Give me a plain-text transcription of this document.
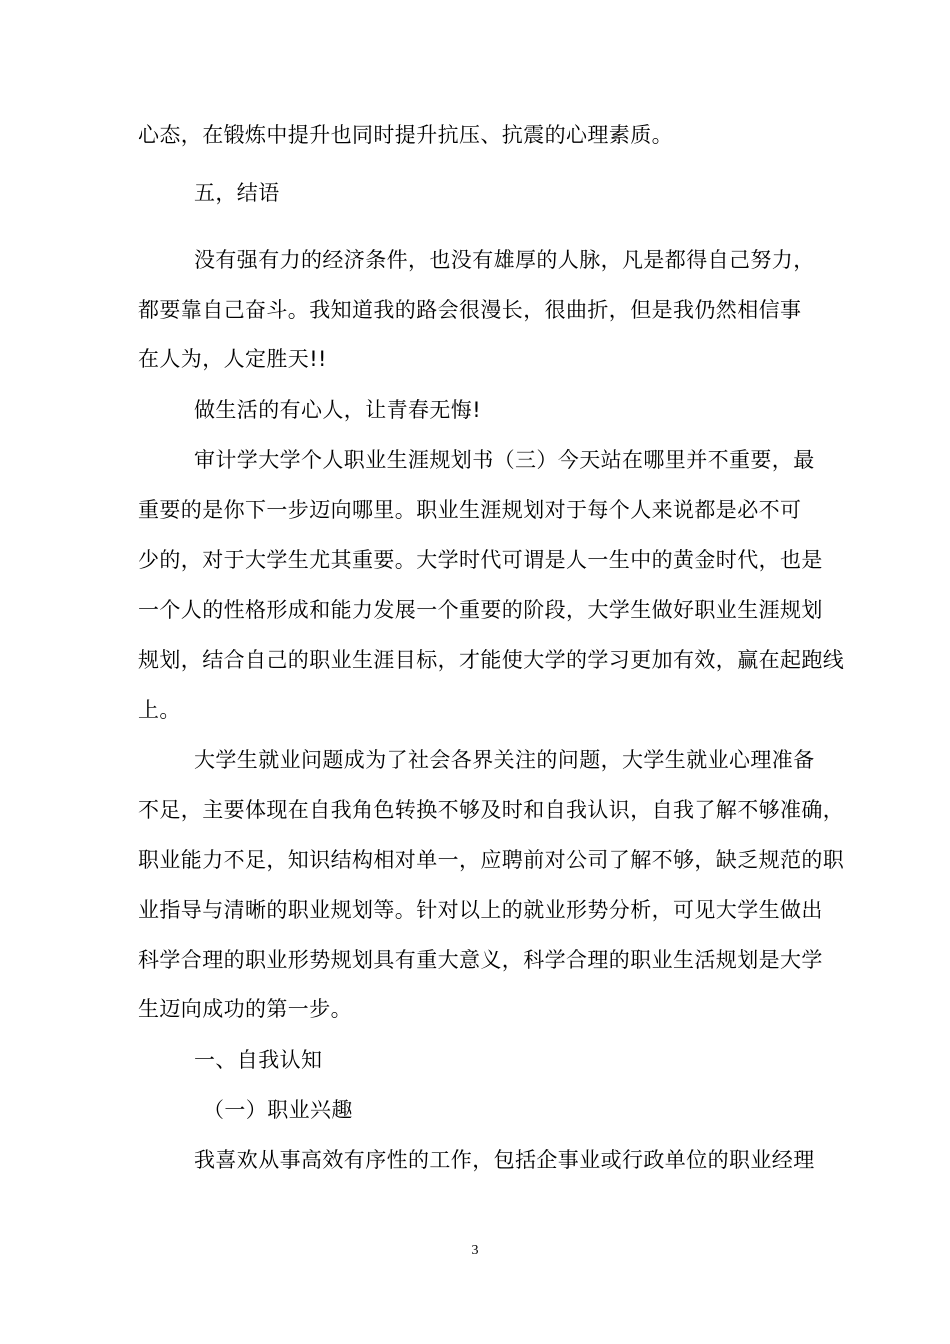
心态，在锻炼中提升也同时提升抗压、抗震的心理素质。
五，结语
没有强有力的经济条件，也没有雄厚的人脉，凡是都得自己努力，
都要靠自己奋斗。我知道我的路会很漫长，很曲折，但是我仍然相信事
在人为，人定胜天!!
做生活的有心人，让青春无悔!
审计学大学个人职业生涯规划书（三）今天站在哪里并不重要，最
重要的是你下一步迈向哪里。职业生涯规划对于每个人来说都是必不可
少的，对于大学生尤其重要。大学时代可谓是人一生中的黄金时代，也是
一个人的性格形成和能力发展一个重要的阶段，大学生做好职业生涯规划
规划，结合自己的职业生涯目标，才能使大学的学习更加有效，赢在起跑线
上。
大学生就业问题成为了社会各界关注的问题，大学生就业心理准备
不足，主要体现在自我角色转换不够及时和自我认识，自我了解不够准确，
职业能力不足，知识结构相对单一，应聘前对公司了解不够，缺乏规范的职
业指导与清晰的职业规划等。针对以上的就业形势分析，可见大学生做出
科学合理的职业形势规划具有重大意义，科学合理的职业生活规划是大学
生迈向成功的第一步。
一、自我认知
（一）职业兴趣
我喜欢从事高效有序性的工作，包括企事业或行政单位的职业经理
3
